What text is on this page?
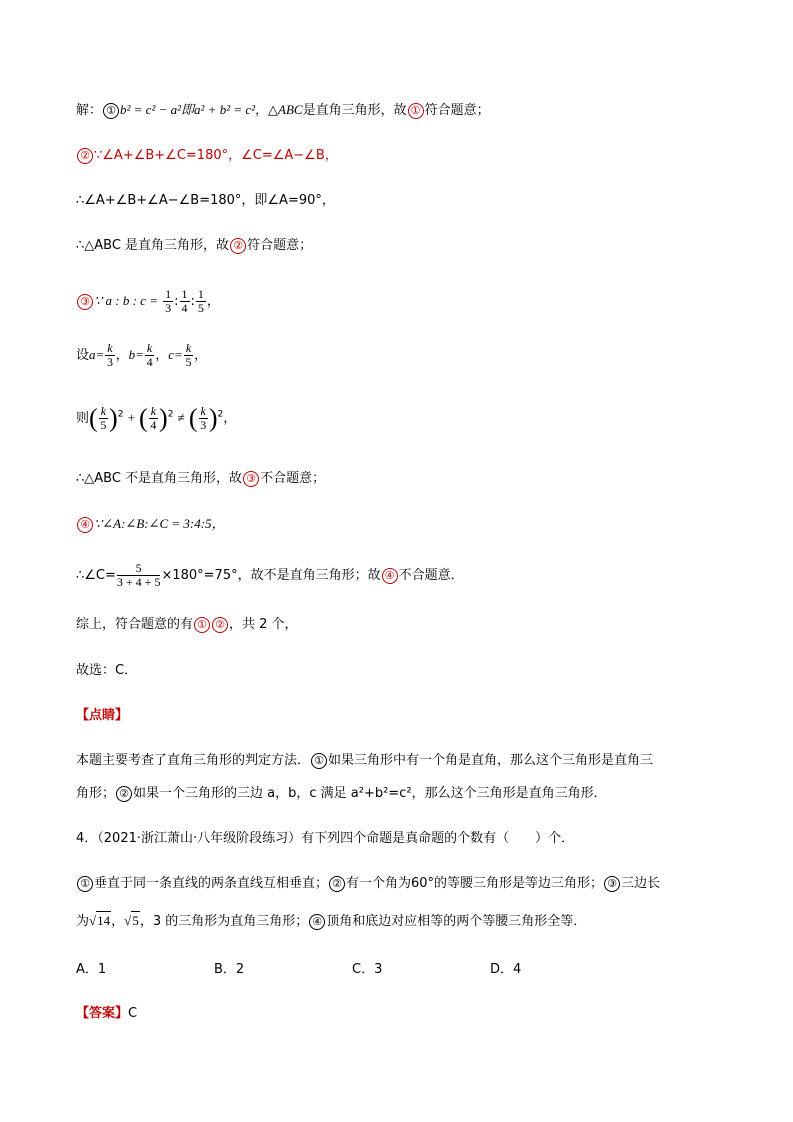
解： ① b² = c² − a²即a² + b² = c²，△ABC是直角三角形，故 ① 符合题意；
② ∵∠A+∠B+∠C=180°，∠C=∠A−∠B，
∴∠A+∠B+∠A−∠B=180°，即∠A=90°，
∴△ABC 是直角三角形，故 ② 符合题意；
③ ∵ a : b : $c = \frac{1}{3}$ : $\frac{1}{4}$ : $\frac{1}{5}$ ，
设$a= \frac{k}{3}$ ，$b= \frac{k}{4}$ ，$c= \frac{k}{5}$ ，
则( $\frac{k}{5} )^2$ + ( $\frac{k}{4} )^2$ ≠ ( $\frac{k}{3} )^2$，
∴△ABC 不是直角三角形，故 ③ 不合题意；
④ ∵∠A:∠B:∠C = 3:4:5，
∴∠C= $\frac{5}{3 + 4 + 5} \times 180^\circ=75^\circ$，故不是直角三角形；故 ④ 不合题意．
综上，符合题意的有 ① ② ，共 2 个，
故选：C．
【点睛】
本题主要考查了直角三角形的判定方法． ① 如果三角形中有一个角是直角，那么这个三角形是直角三
角形； ② 如果一个三角形的三边 a，b，c 满足 a²+b²=c²，那么这个三角形是直角三角形．
4．（2021·浙江萧山·八年级阶段练习）有下列四个命题是真命题的个数有（　　）个．
① 垂直于同一条直线的两条直线互相垂直； ② 有一个角为60°的等腰三角形是等边三角形； ③ 三边长
为√14，√5，3 的三角形为直角三角形； ④ 顶角和底边对应相等的两个等腰三角形全等．
A．1	B．2	C．3	D．4
【答案】C
